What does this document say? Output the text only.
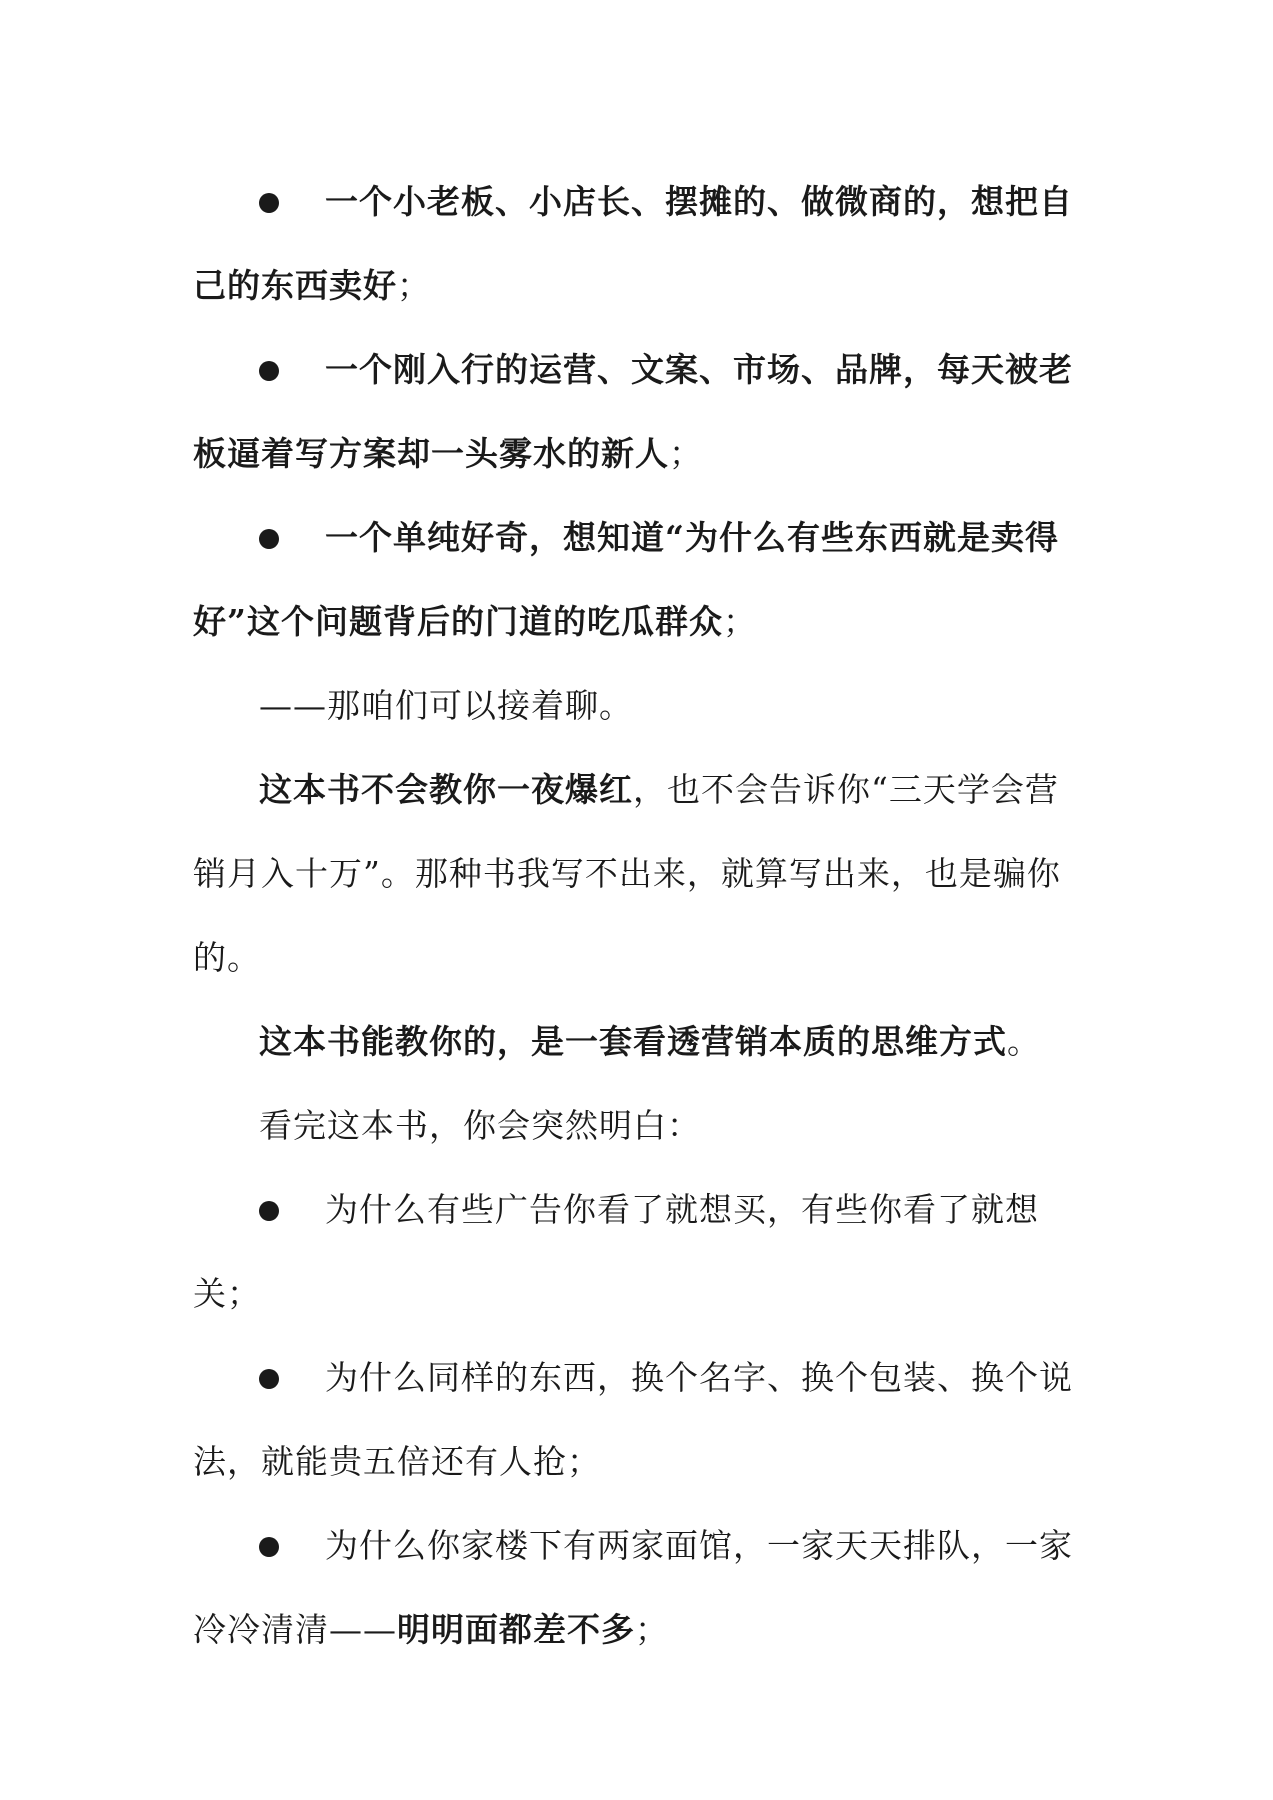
一个小老板、小店长、摆摊的、做微商的，想把自己的东西卖好；

一个刚入行的运营、文案、市场、品牌，每天被老板逼着写方案却一头雾水的新人；

一个单纯好奇，想知道“为什么有些东西就是卖得好”这个问题背后的门道的吃瓜群众；

——那咱们可以接着聊。

这本书不会教你一夜爆红，也不会告诉你“三天学会营销月入十万”。那种书我写不出来，就算写出来，也是骗你的。

这本书能教你的，是一套看透营销本质的思维方式。

看完这本书，你会突然明白：

为什么有些广告你看了就想买，有些你看了就想关；

为什么同样的东西，换个名字、换个包装、换个说法，就能贵五倍还有人抢；

为什么你家楼下有两家面馆，一家天天排队，一家冷冷清清——明明面都差不多；
